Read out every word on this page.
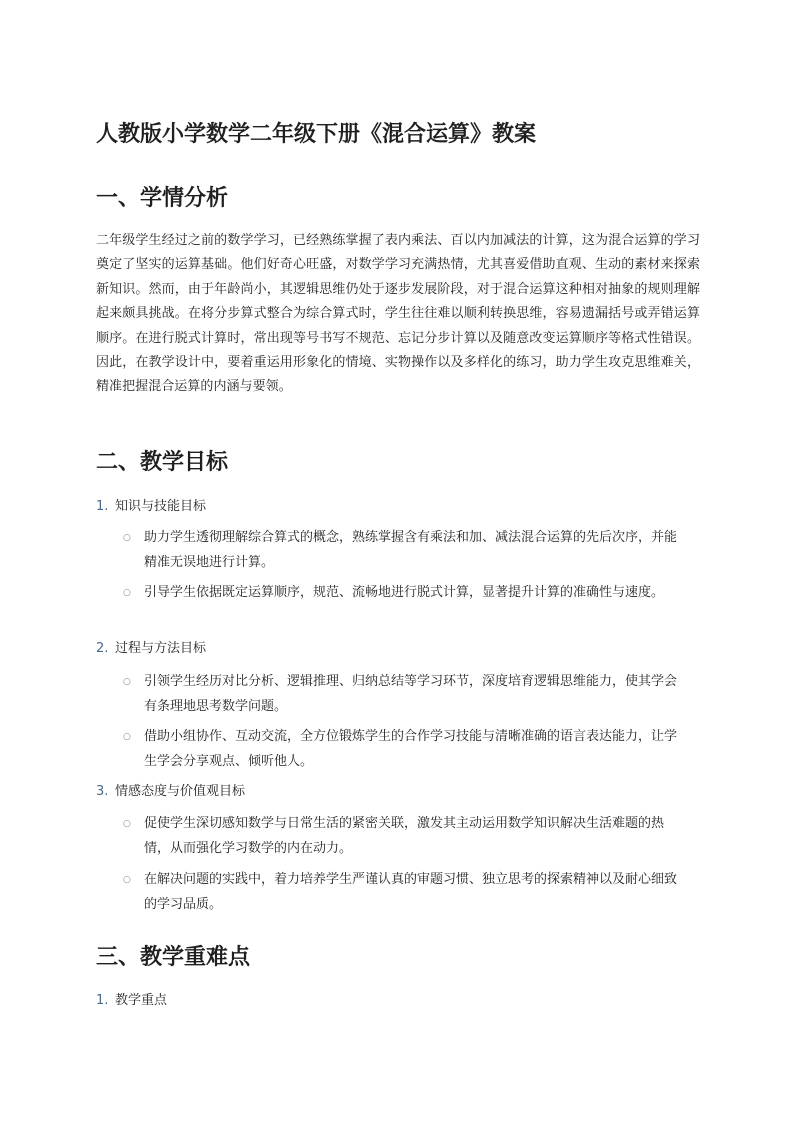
人教版小学数学二年级下册《混合运算》教案
一、学情分析

二年级学生经过之前的数学学习，已经熟练掌握了表内乘法、百以内加减法的计算，这为混合运算的学习奠定了坚实的运算基础。他们好奇心旺盛，对数学学习充满热情，尤其喜爱借助直观、生动的素材来探索新知识。然而，由于年龄尚小，其逻辑思维仍处于逐步发展阶段，对于混合运算这种相对抽象的规则理解起来颇具挑战。在将分步算式整合为综合算式时，学生往往难以顺利转换思维，容易遗漏括号或弄错运算顺序。在进行脱式计算时，常出现等号书写不规范、忘记分步计算以及随意改变运算顺序等格式性错误。因此，在教学设计中，要着重运用形象化的情境、实物操作以及多样化的练习，助力学生攻克思维难关，精准把握混合运算的内涵与要领。

二、教学目标
1. 知识与技能目标
○ 助力学生透彻理解综合算式的概念，熟练掌握含有乘法和加、减法混合运算的先后次序，并能精准无误地进行计算。
○ 引导学生依据既定运算顺序，规范、流畅地进行脱式计算，显著提升计算的准确性与速度。
2. 过程与方法目标
○ 引领学生经历对比分析、逻辑推理、归纳总结等学习环节，深度培育逻辑思维能力，使其学会有条理地思考数学问题。
○ 借助小组协作、互动交流，全方位锻炼学生的合作学习技能与清晰准确的语言表达能力，让学生学会分享观点、倾听他人。
3. 情感态度与价值观目标
○ 促使学生深切感知数学与日常生活的紧密关联，激发其主动运用数学知识解决生活难题的热情，从而强化学习数学的内在动力。
○ 在解决问题的实践中，着力培养学生严谨认真的审题习惯、独立思考的探索精神以及耐心细致的学习品质。
三、教学重难点
1. 教学重点
